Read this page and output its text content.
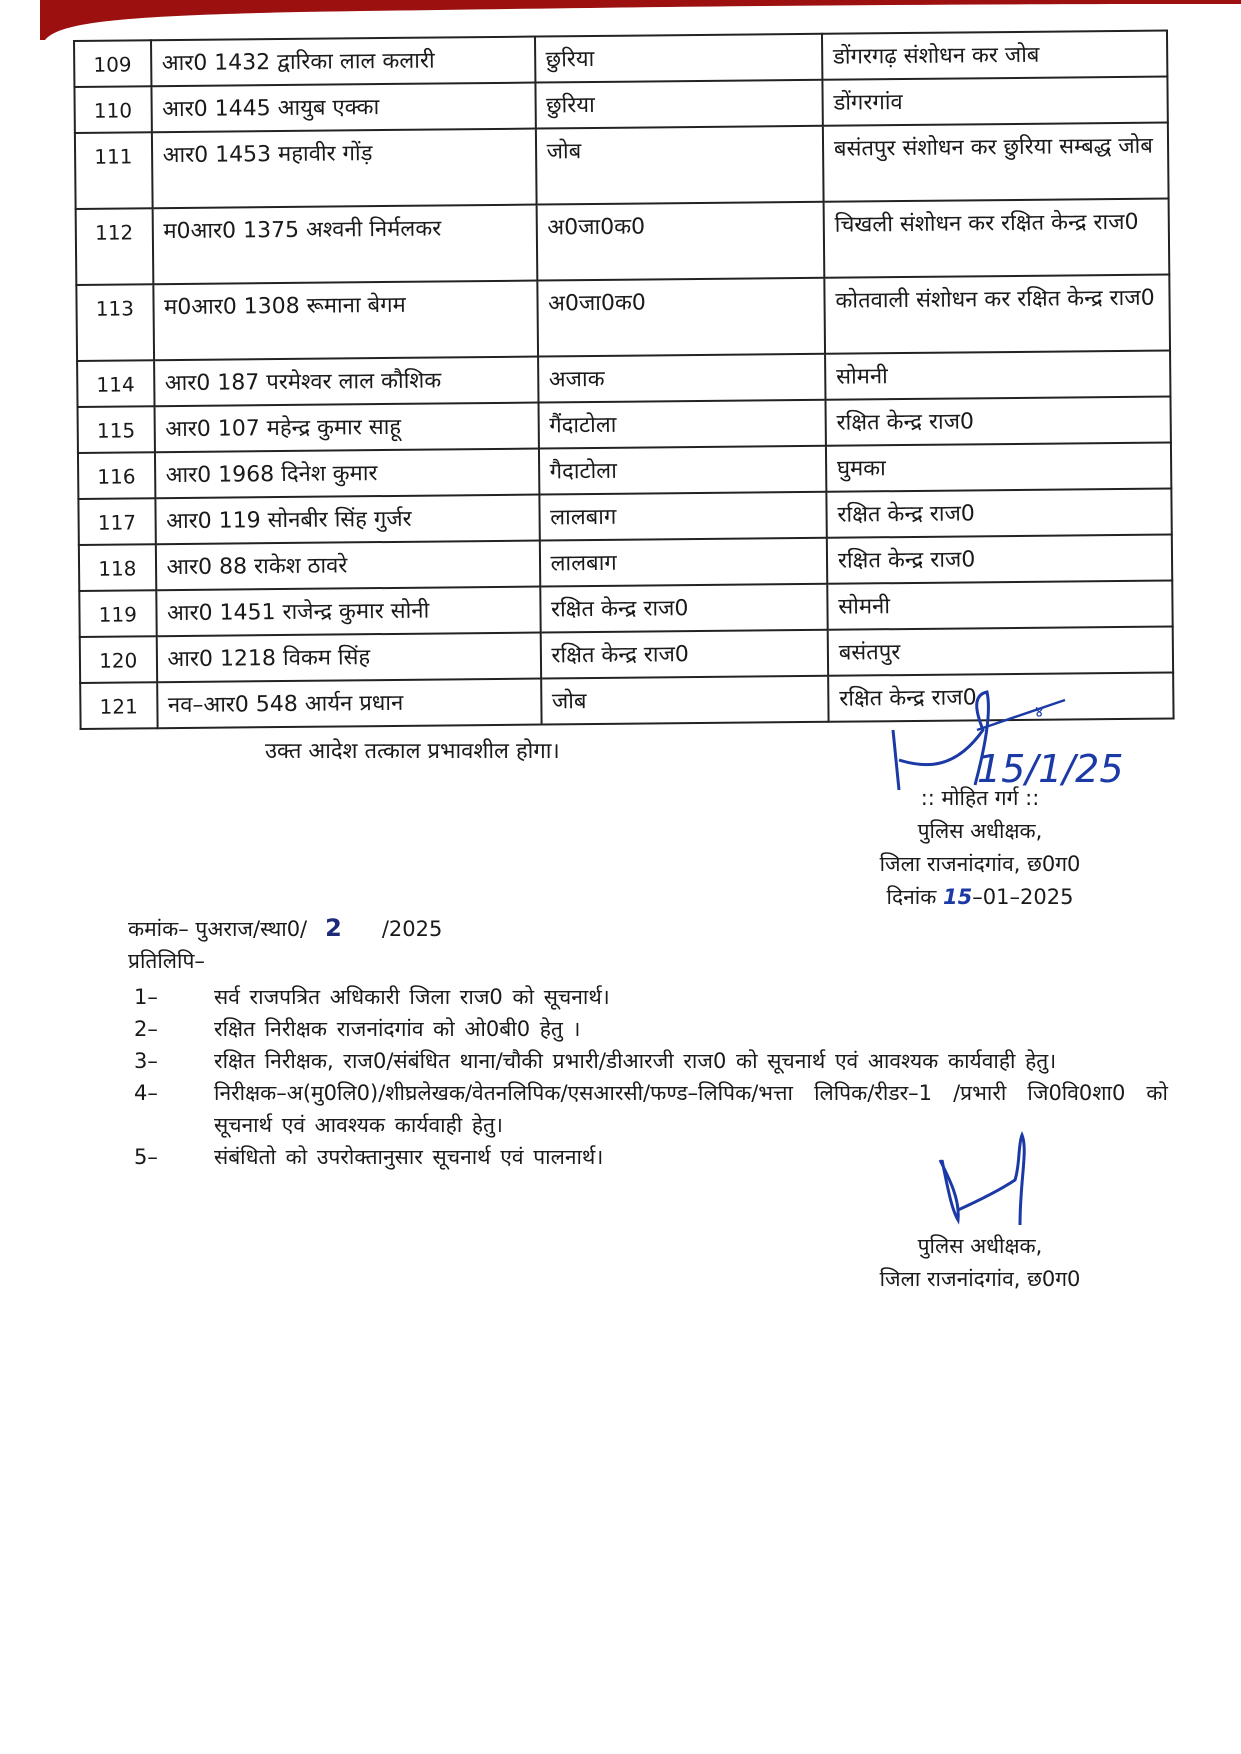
109	आर0 1432 द्वारिका लाल कलारी	छुरिया	डोंगरगढ़ संशोधन कर जोब
110	आर0 1445 आयुब एक्का	छुरिया	डोंगरगांव
111	आर0 1453 महावीर गोंड़	जोब	बसंतपुर संशोधन कर छुरिया सम्बद्ध जोब
112	म0आर0 1375 अश्वनी निर्मलकर	अ0जा0क0	चिखली संशोधन कर रक्षित केन्द्र राज0
113	म0आर0 1308 रूमाना बेगम	अ0जा0क0	कोतवाली संशोधन कर रक्षित केन्द्र राज0
114	आर0 187 परमेश्वर लाल कौशिक	अजाक	सोमनी
115	आर0 107 महेन्द्र कुमार साहू	गैंदाटोला	रक्षित केन्द्र राज0
116	आर0 1968 दिनेश कुमार	गैदाटोला	घुमका
117	आर0 119 सोनबीर सिंह गुर्जर	लालबाग	रक्षित केन्द्र राज0
118	आर0 88 राकेश ठावरे	लालबाग	रक्षित केन्द्र राज0
119	आर0 1451 राजेन्द्र कुमार सोनी	रक्षित केन्द्र राज0	सोमनी
120	आर0 1218 विकम सिंह	रक्षित केन्द्र राज0	बसंतपुर
121	नव–आर0 548 आर्यन प्रधान	जोब	रक्षित केन्द्र राज0	४
उक्त आदेश तत्काल प्रभावशील होगा।	15/1/25
:: मोहित गर्ग ::
पुलिस अधीक्षक,
जिला राजनांदगांव, छ0ग0
दिनांक 15–01–2025
कमांक– पुअराज/स्था0/ 2 /2025
प्रतिलिपि–
1–	सर्व राजपत्रित अधिकारी जिला राज0 को सूचनार्थ।
2–	रक्षित निरीक्षक राजनांदगांव को ओ0बी0 हेतु ।
3–	रक्षित निरीक्षक, राज0/संबंधित थाना/चौकी प्रभारी/डीआरजी राज0 को सूचनार्थ एवं आवश्यक कार्यवाही हेतु।
4–	निरीक्षक–अ(मु0लि0)/शीघ्रलेखक/वेतनलिपिक/एसआरसी/फण्ड–लिपिक/भत्ता लिपिक/रीडर–1 /प्रभारी जि0वि0शा0 को सूचनार्थ एवं आवश्यक कार्यवाही हेतु।
5–	संबंधितो को उपरोक्तानुसार सूचनार्थ एवं पालनार्थ।
पुलिस अधीक्षक,
जिला राजनांदगांव, छ0ग0
